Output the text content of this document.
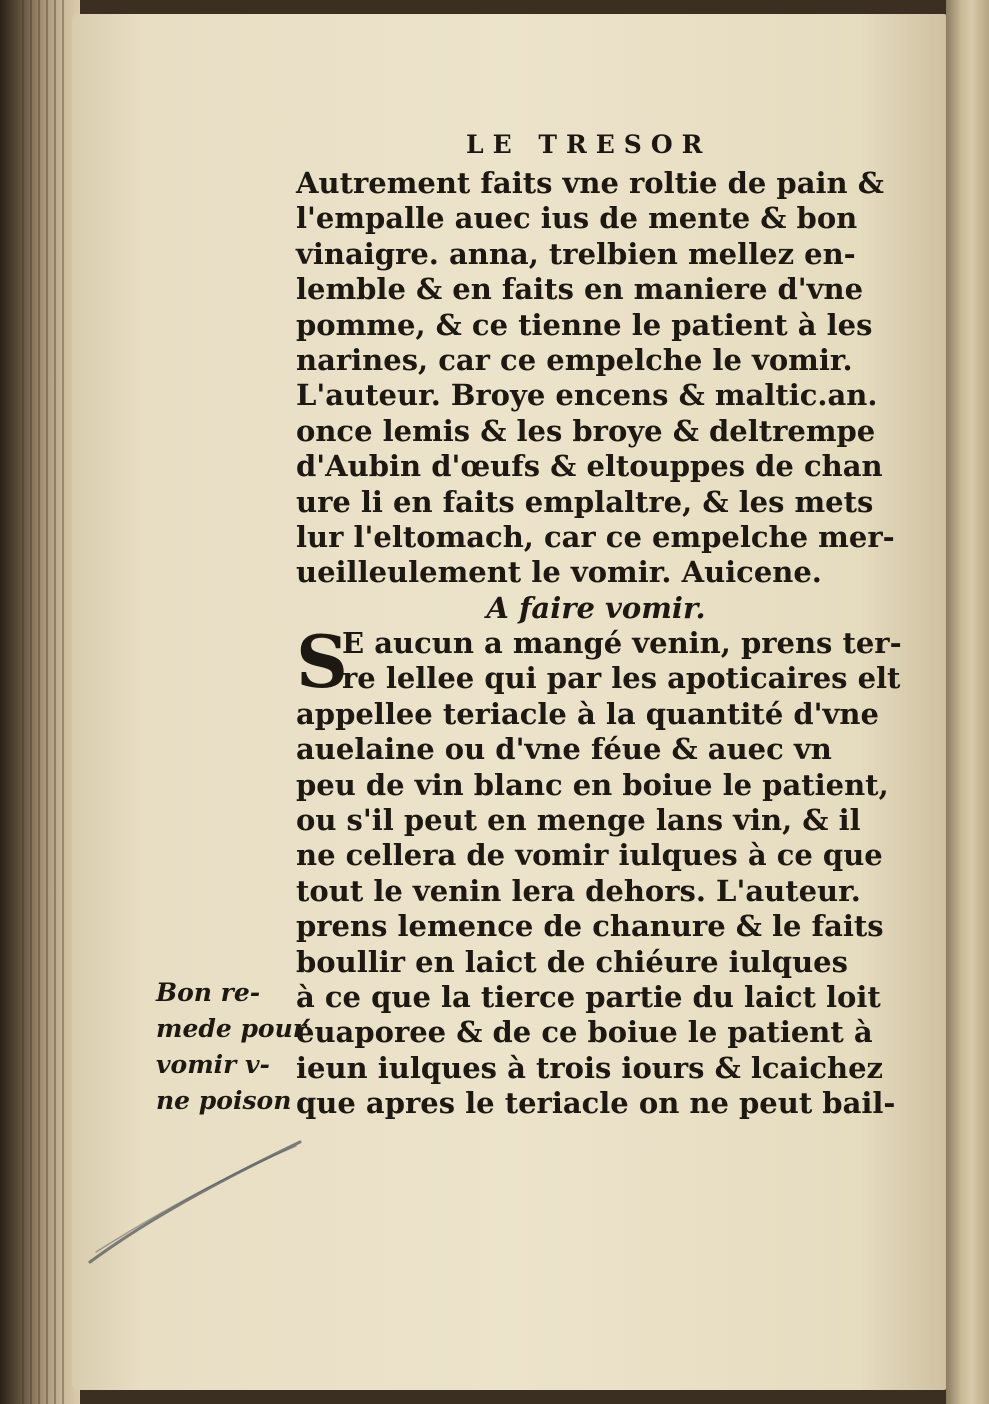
LE TRESOR
Autrement faits vne roltie de pain &
l'empalle auec ius de mente & bon
vinaigre. anna, trelbien mellez en-
lemble & en faits en maniere d'vne
pomme, & ce tienne le patient à les
narines, car ce empelche le vomir.
L'auteur. Broye encens & maltic.an.
once lemis & les broye & deltrempe
d'Aubin d'œufs & eltouppes de chan
ure li en faits emplaltre, & les mets
lur l'eltomach, car ce empelche mer-
ueilleulement le vomir. Auicene.
A faire vomir.
S
E aucun a mangé venin, prens ter-
re lellee qui par les apoticaires elt
appellee teriacle à la quantité d'vne
auelaine ou d'vne féue & auec vn
peu de vin blanc en boiue le patient,
ou s'il peut en menge lans vin, & il
ne cellera de vomir iulques à ce que
tout le venin lera dehors. L'auteur.
prens lemence de chanure & le faits
boullir en laict de chiéure iulques
à ce que la tierce partie du laict loit
éuaporee & de ce boiue le patient à
ieun iulques à trois iours & lcaichez
que apres le teriacle on ne peut bail-
Bon re-
mede pour
vomir v-
ne poison
